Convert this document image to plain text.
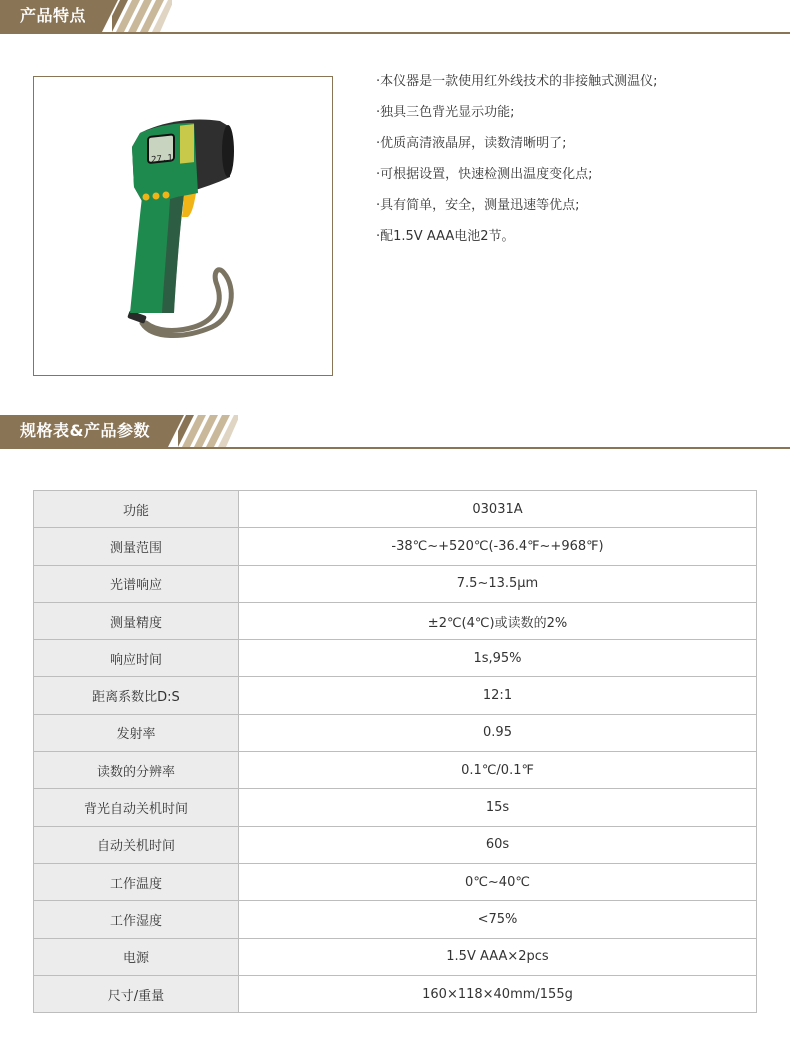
产品特点
27.1
·本仪器是一款使用红外线技术的非接触式测温仪;
·独具三色背光显示功能;
·优质高清液晶屏，读数清晰明了;
·可根据设置，快速检测出温度变化点;
·具有简单，安全，测量迅速等优点;
·配1.5V AAA电池2节。
规格表&产品参数
功能	03031A
测量范围	-38℃~+520℃(-36.4℉~+968℉)
光谱响应	7.5~13.5μm
测量精度	±2℃(4℃)或读数的2%
响应时间	1s,95%
距离系数比D:S	12:1
发射率	0.95
读数的分辨率	0.1℃/0.1℉
背光自动关机时间	15s
自动关机时间	60s
工作温度	0℃~40℃
工作湿度	<75%
电源	1.5V AAA×2pcs
尺寸/重量	160×118×40mm/155g
